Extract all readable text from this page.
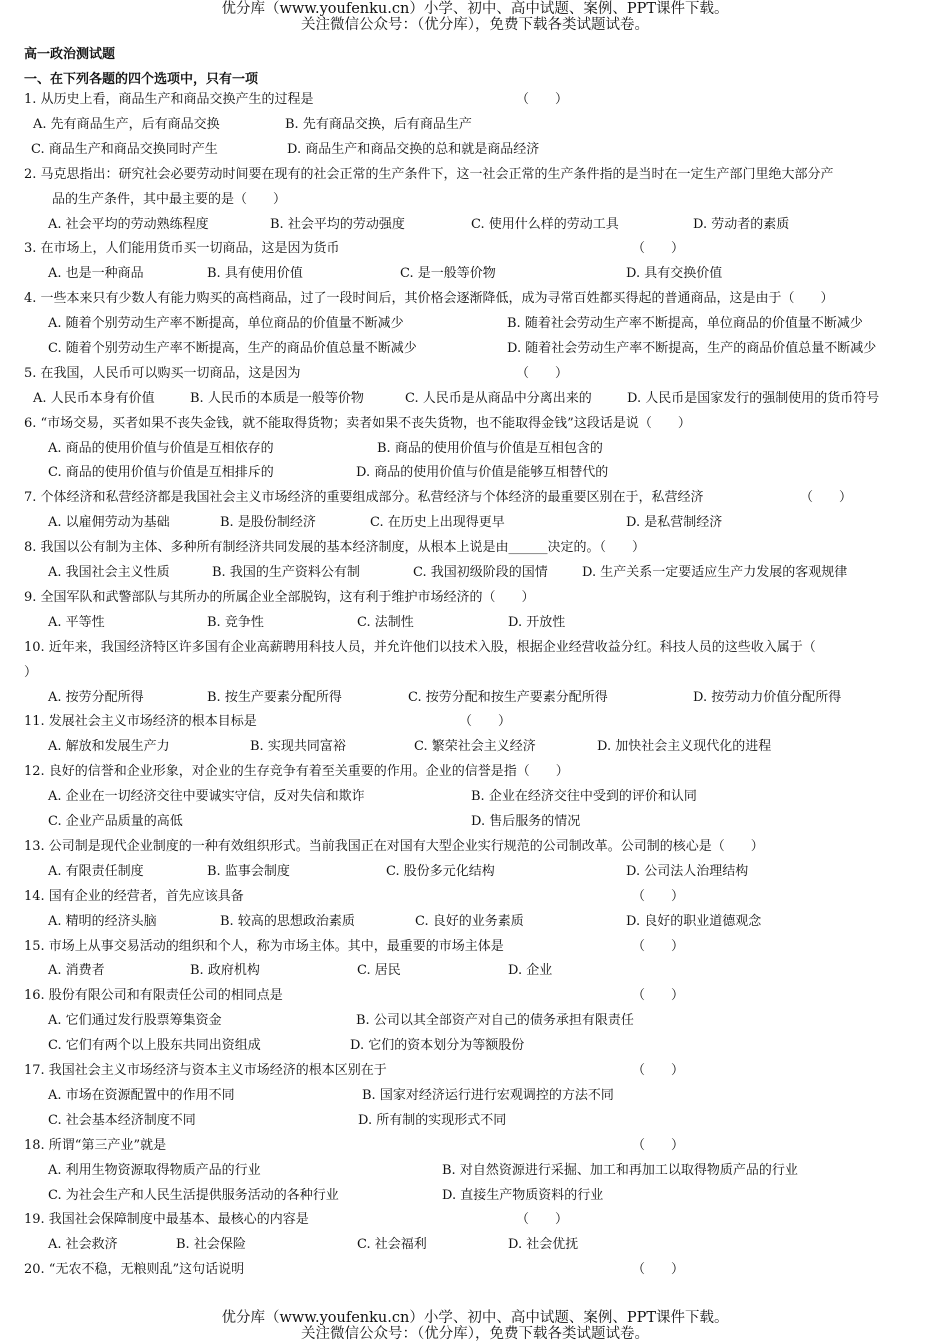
优分库（www.youfenku.cn）小学、初中、高中试题、案例、PPT课件下载。
关注微信公众号：（优分库），免费下载各类试题试卷。
高一政治测试题
一、在下列各题的四个选项中，只有一项
1. 从历史上看，商品生产和商品交换产生的过程是	（　　）
A. 先有商品生产，后有商品交换	B. 先有商品交换，后有商品生产
C. 商品生产和商品交换同时产生	D. 商品生产和商品交换的总和就是商品经济
2. 马克思指出：研究社会必要劳动时间要在现有的社会正常的生产条件下，这一社会正常的生产条件指的是当时在一定生产部门里绝大部分产
品的生产条件，其中最主要的是（　　）
A. 社会平均的劳动熟练程度	B. 社会平均的劳动强度	C. 使用什么样的劳动工具	D. 劳动者的素质
3. 在市场上，人们能用货币买一切商品，这是因为货币	（　　）
A. 也是一种商品	B. 具有使用价值	C. 是一般等价物	D. 具有交换价值
4. 一些本来只有少数人有能力购买的高档商品，过了一段时间后，其价格会逐渐降低，成为寻常百姓都买得起的普通商品，这是由于（　　）
A. 随着个别劳动生产率不断提高，单位商品的价值量不断减少	B. 随着社会劳动生产率不断提高，单位商品的价值量不断减少
C. 随着个别劳动生产率不断提高，生产的商品价值总量不断减少	D. 随着社会劳动生产率不断提高，生产的商品价值总量不断减少
5. 在我国，人民币可以购买一切商品，这是因为	（　　）
A. 人民币本身有价值	B. 人民币的本质是一般等价物	C. 人民币是从商品中分离出来的	D. 人民币是国家发行的强制使用的货币符号
6. “市场交易，买者如果不丧失金钱，就不能取得货物；卖者如果不丧失货物，也不能取得金钱”这段话是说（　　）
A. 商品的使用价值与价值是互相依存的	B. 商品的使用价值与价值是互相包含的
C. 商品的使用价值与价值是互相排斥的	D. 商品的使用价值与价值是能够互相替代的
7. 个体经济和私营经济都是我国社会主义市场经济的重要组成部分。私营经济与个体经济的最重要区别在于，私营经济	（　　）
A. 以雇佣劳动为基础	B. 是股份制经济	C. 在历史上出现得更早	D. 是私营制经济
8. 我国以公有制为主体、多种所有制经济共同发展的基本经济制度，从根本上说是由______决定的。（　　）
A. 我国社会主义性质	B. 我国的生产资料公有制	C. 我国初级阶段的国情	D. 生产关系一定要适应生产力发展的客观规律
9. 全国军队和武警部队与其所办的所属企业全部脱钩，这有利于维护市场经济的（　　）
A. 平等性	B. 竞争性	C. 法制性	D. 开放性
10. 近年来，我国经济特区许多国有企业高薪聘用科技人员，并允许他们以技术入股，根据企业经营收益分红。科技人员的这些收入属于（
）
A. 按劳分配所得	B. 按生产要素分配所得	C. 按劳分配和按生产要素分配所得	D. 按劳动力价值分配所得
11. 发展社会主义市场经济的根本目标是	（　　）
A. 解放和发展生产力	B. 实现共同富裕	C. 繁荣社会主义经济	D. 加快社会主义现代化的进程
12. 良好的信誉和企业形象，对企业的生存竞争有着至关重要的作用。企业的信誉是指（　　）
A. 企业在一切经济交往中要诚实守信，反对失信和欺诈	B. 企业在经济交往中受到的评价和认同
C. 企业产品质量的高低	D. 售后服务的情况
13. 公司制是现代企业制度的一种有效组织形式。当前我国正在对国有大型企业实行规范的公司制改革。公司制的核心是（　　）
A. 有限责任制度	B. 监事会制度	C. 股份多元化结构	D. 公司法人治理结构
14. 国有企业的经营者，首先应该具备	（　　）
A. 精明的经济头脑	B. 较高的思想政治素质	C. 良好的业务素质	D. 良好的职业道德观念
15. 市场上从事交易活动的组织和个人，称为市场主体。其中，最重要的市场主体是	（　　）
A. 消费者	B. 政府机构	C. 居民	D. 企业
16. 股份有限公司和有限责任公司的相同点是	（　　）
A. 它们通过发行股票筹集资金	B. 公司以其全部资产对自己的债务承担有限责任
C. 它们有两个以上股东共同出资组成	D. 它们的资本划分为等额股份
17. 我国社会主义市场经济与资本主义市场经济的根本区别在于	（　　）
A. 市场在资源配置中的作用不同	B. 国家对经济运行进行宏观调控的方法不同
C. 社会基本经济制度不同	D. 所有制的实现形式不同
18. 所谓“第三产业”就是	（　　）
A. 利用生物资源取得物质产品的行业	B. 对自然资源进行采掘、加工和再加工以取得物质产品的行业
C. 为社会生产和人民生活提供服务活动的各种行业	D. 直接生产物质资料的行业
19. 我国社会保障制度中最基本、最核心的内容是	（　　）
A. 社会救济	B. 社会保险	C. 社会福利	D. 社会优抚
20. “无农不稳，无粮则乱”这句话说明	（　　）
优分库（www.youfenku.cn）小学、初中、高中试题、案例、PPT课件下载。
关注微信公众号：（优分库），免费下载各类试题试卷。
